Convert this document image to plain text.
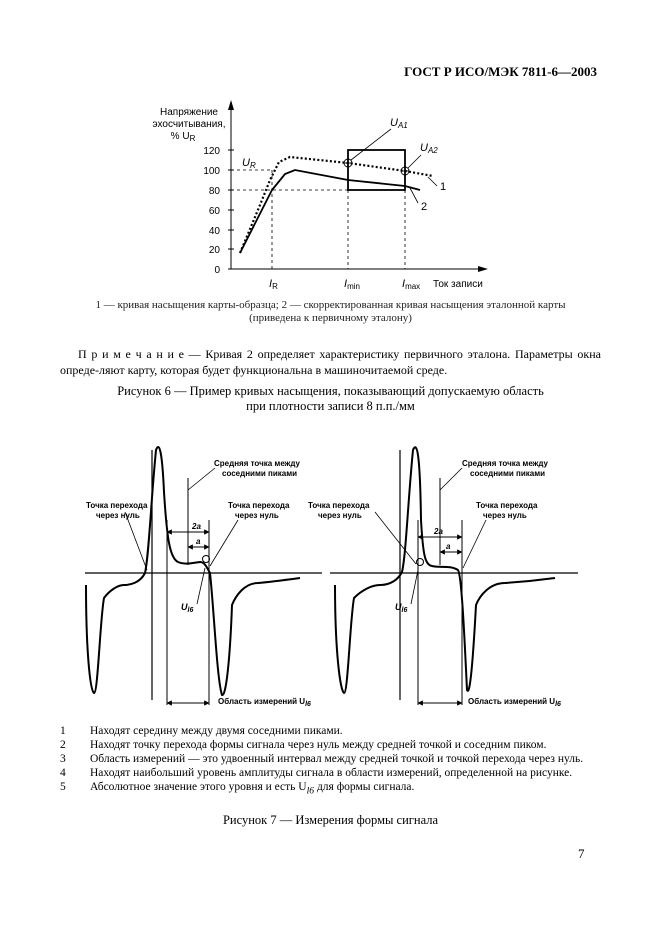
ГОСТ Р ИСО/МЭК 7811-6—2003
Напряжение
эхосчитывания,
% $U_R$
0
20
40
60
80
100
120
UR
UA1
UA2
1
2
IR	Imin	Imax Ток записи
1 — кривая насыщения карты-образца; 2 — скорректированная кривая насыщения эталонной карты
(приведена к первичному эталону)
П р и м е ч а н и е — Кривая 2 определяет характеристику первичного эталона. Параметры окна опреде-ляют карту, которая будет функциональна в машиночитаемой среде.
Рисунок 6 — Пример кривых насыщения, показывающий допускаемую область
при плотности записи 8 п.п./мм
2a
a
$U_{l6}$
Средняя точка между
соседними пиками
Точка перехода
через нуль
Точка перехода
через нуль
Область измерений Ul6
2a
a
$U_{l6}$
Средняя точка между
соседними пиками
Точка перехода
через нуль
Точка перехода
через нуль
Область измерений Ul6
1 Находят середину между двумя соседними пиками.
2 Находят точку перехода формы сигнала через нуль между средней точкой и соседним пиком.
3 Область измерений — это удвоенный интервал между средней точкой и точкой перехода через нуль.
4 Находят наибольший уровень амплитуды сигнала в области измерений, определенной на рисунке.
5 Абсолютное значение этого уровня и есть $U_{l6}$ для формы сигнала.
Рисунок 7 — Измерения формы сигнала
7
